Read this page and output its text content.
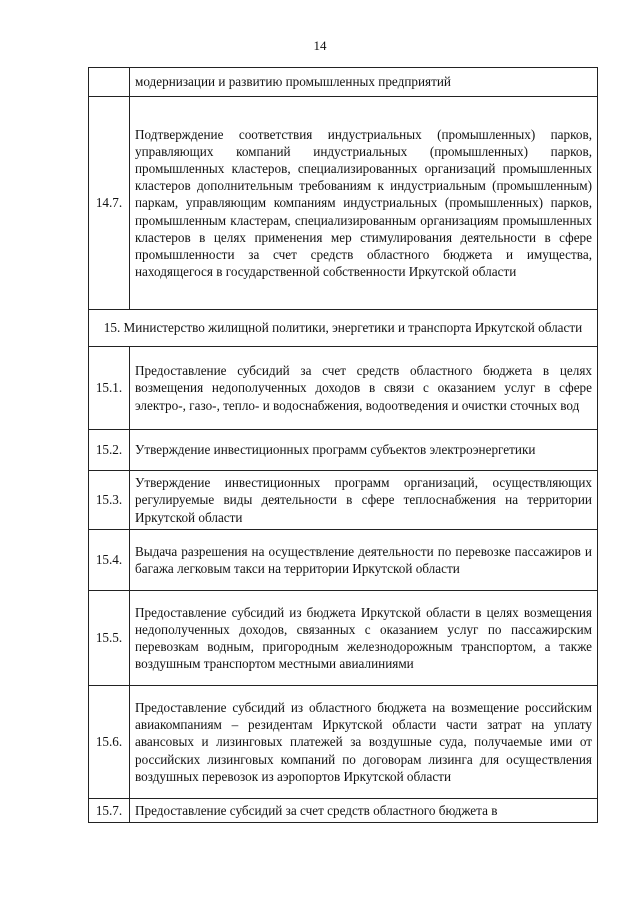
14
	модернизации и развитию промышленных предприятий
14.7.	Подтверждение соответствия индустриальных (промышленных) парков, управляющих компаний индустриальных (промышленных) парков, промышленных кластеров, специализированных организаций промышленных кластеров дополнительным требованиям к индустриальным (промышленным) паркам, управляющим компаниям индустриальных (промышленных) парков, промышленным кластерам, специализированным организациям промышленных кластеров в целях применения мер стимулирования деятельности в сфере промышленности за счет средств областного бюджета и имущества, находящегося в государственной собственности Иркутской области
15. Министерство жилищной политики, энергетики и транспорта Иркутской области	
15.1.	Предоставление субсидий за счет средств областного бюджета в целях возмещения недополученных доходов в связи с оказанием услуг в сфере электро-, газо-, тепло- и водоснабжения, водоотведения и очистки сточных вод
15.2.	Утверждение инвестиционных программ субъектов электроэнергетики
15.3.	Утверждение инвестиционных программ организаций, осуществляющих регулируемые виды деятельности в сфере теплоснабжения на территории Иркутской области
15.4.	Выдача разрешения на осуществление деятельности по перевозке пассажиров и багажа легковым такси на территории Иркутской области
15.5.	Предоставление субсидий из бюджета Иркутской области в целях возмещения недополученных доходов, связанных с оказанием услуг по пассажирским перевозкам водным, пригородным железнодорожным транспортом, а также воздушным транспортом местными авиалиниями
15.6.	Предоставление субсидий из областного бюджета на возмещение российским авиакомпаниям – резидентам Иркутской области части затрат на уплату авансовых и лизинговых платежей за воздушные суда, получаемые ими от российских лизинговых компаний по договорам лизинга для осуществления воздушных перевозок из аэропортов Иркутской области
15.7.	Предоставление субсидий за счет средств областного бюджета в
